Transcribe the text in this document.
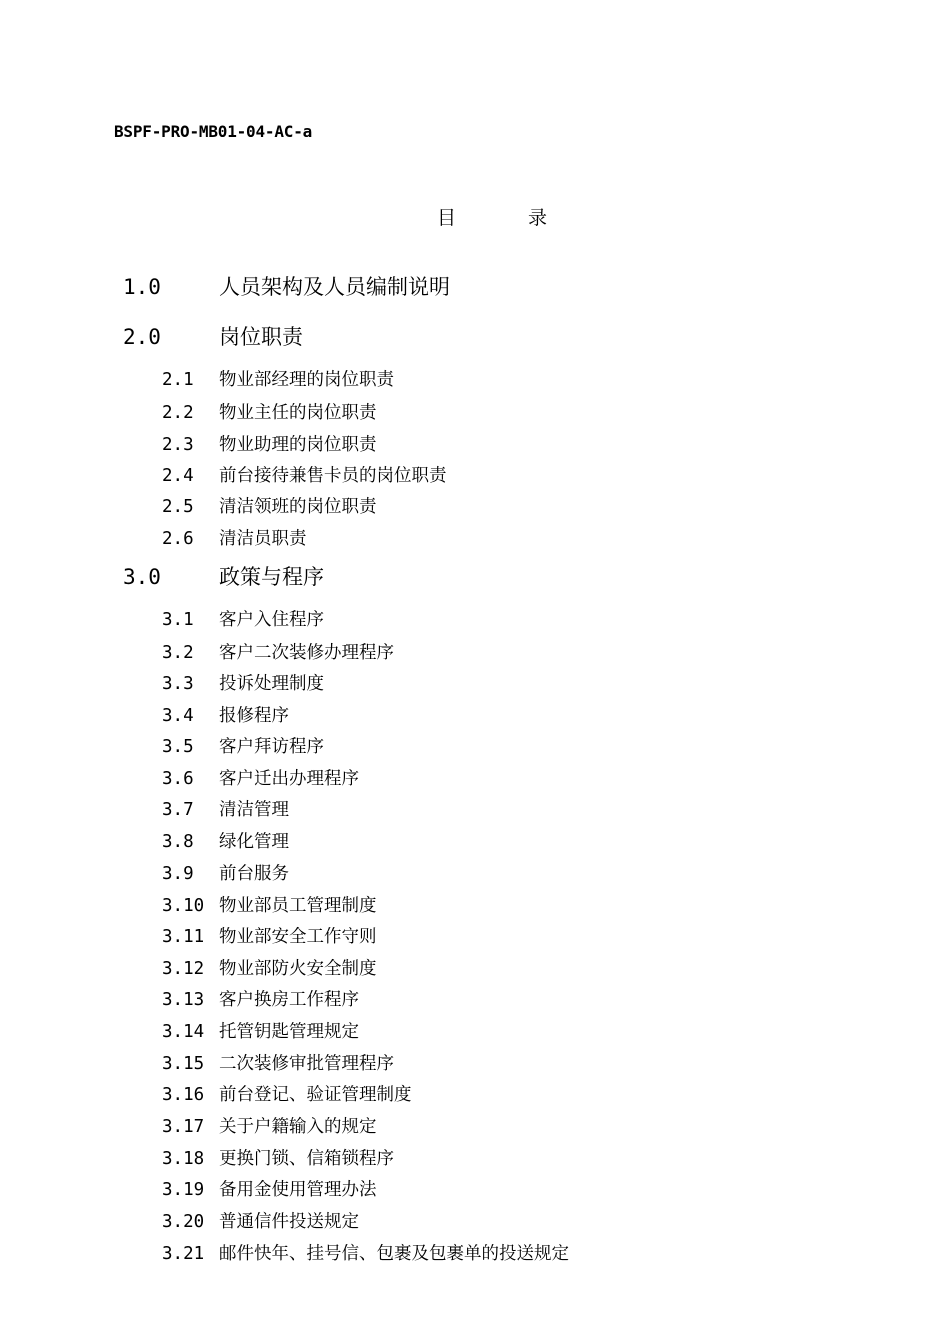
BSPF-PRO-MB01-04-AC-a
目	录
1.0	人员架构及人员编制说明
2.0	岗位职责
2.1 物业部经理的岗位职责
2.2 物业主任的岗位职责
2.3 物业助理的岗位职责
2.4 前台接待兼售卡员的岗位职责
2.5 清洁领班的岗位职责
2.6 清洁员职责
3.0	政策与程序
3.1 客户入住程序
3.2 客户二次装修办理程序
3.3 投诉处理制度
3.4 报修程序
3.5 客户拜访程序
3.6 客户迁出办理程序
3.7 清洁管理
3.8 绿化管理
3.9 前台服务
3.10 物业部员工管理制度
3.11 物业部安全工作守则
3.12 物业部防火安全制度
3.13 客户换房工作程序
3.14 托管钥匙管理规定
3.15 二次装修审批管理程序
3.16 前台登记、验证管理制度
3.17 关于户籍输入的规定
3.18 更换门锁、信箱锁程序
3.19 备用金使用管理办法
3.20 普通信件投送规定
3.21 邮件快年、挂号信、包裹及包裹单的投送规定
